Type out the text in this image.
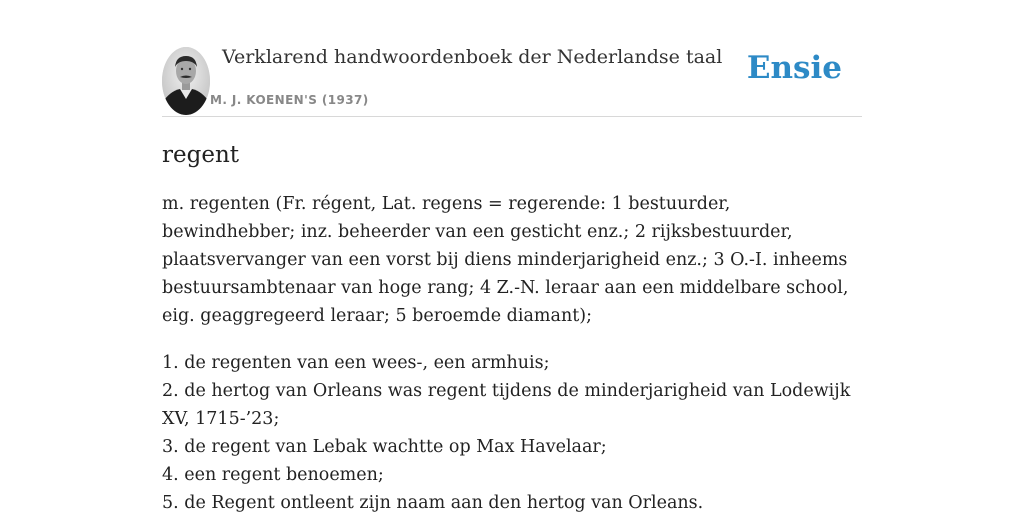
Verklarend handwoordenboek der Nederlandse taal
M. J. KOENEN'S (1937)
Ensie
regent

m. regenten (Fr. régent, Lat. regens = regerende: 1 bestuurder, bewindhebber; inz. beheerder van een gesticht enz.; 2 rijksbestuurder, plaatsvervanger van een vorst bij diens minderjarigheid enz.; 3 O.-I. inheems bestuursambtenaar van hoge rang; 4 Z.-N. leraar aan een middelbare school, eig. geaggregeerd leraar; 5 beroemde diamant);

1. de regenten van een wees-, een armhuis;
2. de hertog van Orleans was regent tijdens de minderjarigheid van Lodewijk XV, 1715-’23;
3. de regent van Lebak wachtte op Max Havelaar;
4. een regent benoemen;
5. de Regent ontleent zijn naam aan den hertog van Orleans.
